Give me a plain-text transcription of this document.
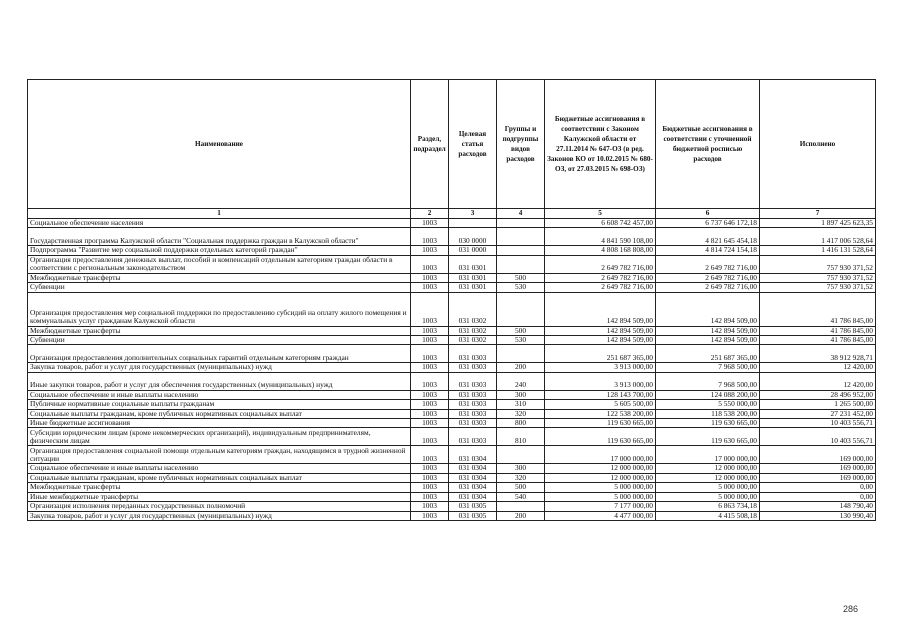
Наименование	Раздел, подраздел	Целевая статья расходов	Группы и подгруппы видов расходов	Бюджетные ассигнования в соответствии с Законом Калужской области от 27.11.2014 № 647-ОЗ (в ред. Законов КО от 10.02.2015 № 680-ОЗ, от 27.03.2015 № 698-ОЗ)	Бюджетные ассигнования в соответствии с уточненной бюджетной росписью расходов	Исполнено
1	2	3	4	5	6	7
Социальное обеспечение населения	1003			6 608 742 457,00	6 737 646 172,18	1 897 425 623,35
Государственная программа Калужской области "Социальная поддержка граждан в Калужской области"	1003	030 0000		4 841 590 108,00	4 821 645 454,18	1 417 006 528,64
Подпрограмма "Развитие мер социальной поддержки отдельных категорий граждан"	1003	031 0000		4 808 168 808,00	4 814 724 154,18	1 416 131 528,64
Организация предоставления денежных выплат, пособий и компенсаций отдельным категориям граждан области в соответствии с региональным законодательством	1003	031 0301		2 649 782 716,00	2 649 782 716,00	757 930 371,52
Межбюджетные трансферты	1003	031 0301	500	2 649 782 716,00	2 649 782 716,00	757 930 371,52
Субвенции	1003	031 0301	530	2 649 782 716,00	2 649 782 716,00	757 930 371,52
Организация предоставления мер социальной поддержки по предоставлению субсидий на оплату жилого помещения и коммунальных услуг гражданам Калужской области	1003	031 0302		142 894 509,00	142 894 509,00	41 786 845,00
Межбюджетные трансферты	1003	031 0302	500	142 894 509,00	142 894 509,00	41 786 845,00
Субвенции	1003	031 0302	530	142 894 509,00	142 894 509,00	41 786 845,00
Организация предоставления дополнительных социальных гарантий отдельным категориям граждан	1003	031 0303		251 687 365,00	251 687 365,00	38 912 928,71
Закупка товаров, работ и услуг для государственных (муниципальных) нужд	1003	031 0303	200	3 913 000,00	7 968 500,00	12 420,00
Иные закупки товаров, работ и услуг для обеспечения государственных (муниципальных) нужд	1003	031 0303	240	3 913 000,00	7 968 500,00	12 420,00
Социальное обеспечение и иные выплаты населению	1003	031 0303	300	128 143 700,00	124 088 200,00	28 496 952,00
Публичные нормативные социальные выплаты гражданам	1003	031 0303	310	5 605 500,00	5 550 000,00	1 265 500,00
Социальные выплаты гражданам, кроме публичных нормативных социальных выплат	1003	031 0303	320	122 538 200,00	118 538 200,00	27 231 452,00
Иные бюджетные ассигнования	1003	031 0303	800	119 630 665,00	119 630 665,00	10 403 556,71
Субсидии юридическим лицам (кроме некоммерческих организаций), индивидуальным предпринимателям, физическим лицам	1003	031 0303	810	119 630 665,00	119 630 665,00	10 403 556,71
Организация предоставления социальной помощи отдельным категориям граждан, находящимся в трудной жизненной ситуации	1003	031 0304		17 000 000,00	17 000 000,00	169 000,00
Социальное обеспечение и иные выплаты населению	1003	031 0304	300	12 000 000,00	12 000 000,00	169 000,00
Социальные выплаты гражданам, кроме публичных нормативных социальных выплат	1003	031 0304	320	12 000 000,00	12 000 000,00	169 000,00
Межбюджетные трансферты	1003	031 0304	500	5 000 000,00	5 000 000,00	0,00
Иные межбюджетные трансферты	1003	031 0304	540	5 000 000,00	5 000 000,00	0,00
Организация исполнения переданных государственных полномочий	1003	031 0305		7 177 000,00	6 863 734,18	148 790,40
Закупка товаров, работ и услуг для государственных (муниципальных) нужд	1003	031 0305	200	4 477 000,00	4 415 508,18	130 990,40
286
